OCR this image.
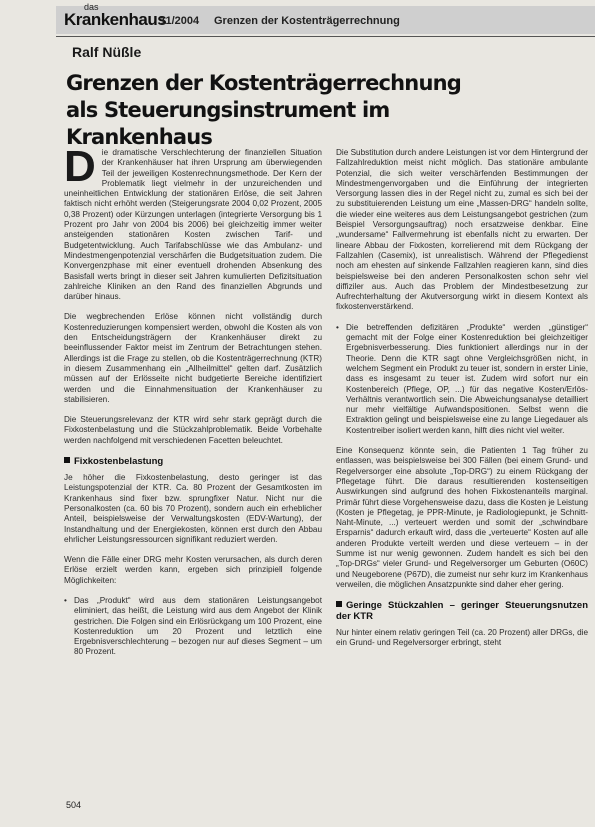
das
Krankenhaus
11/2004 Grenzen der Kostenträgerrechnung
Ralf Nüßle
Grenzen der Kostenträgerrechnung als Steuerungsinstrument im Krankenhaus

Die dramatische Verschlechterung der finanziellen Situation der Krankenhäuser hat ihren Ursprung am überwiegenden Teil der jeweiligen Kostenrechnungsmethode. Der Kern der Problematik liegt vielmehr in der unzureichenden und uneinheitlichen Entwicklung der stationären Erlöse, die seit Jahren faktisch nicht erhöht werden (Steigerungsrate 2004 0,02 Prozent, 2005 0,38 Prozent) oder Kürzungen unterlagen (integrierte Versorgung bis 1 Prozent pro Jahr von 2004 bis 2006) bei gleichzeitig immer weiter ansteigenden stationären Kosten zwischen Tarif- und Budgetentwicklung. Auch Tarifabschlüsse wie das Ambulanz- und Mindestmengenpotenzial verschärfen die Budgetsituation zudem. Die Konvergenzphase mit einer eventuell drohenden Absenkung des Basisfall werts bringt in dieser seit Jahren kumulierten Defizitsituation zahlreiche Kliniken an den Rand des finanziellen Abgrunds und darüber hinaus.

Die wegbrechenden Erlöse können nicht vollständig durch Kostenreduzierungen kompensiert werden, obwohl die Kosten als von den Entscheidungsträgern der Krankenhäuser direkt zu beeinflussender Faktor meist im Zentrum der Betrachtungen stehen. Allerdings ist die Frage zu stellen, ob die Kostenträgerrechnung (KTR) in diesem Zusammenhang ein „Allheilmittel“ gelten darf. Zusätzlich müssen auf der Erlösseite nicht budgetierte Bereiche identifiziert werden und die Einnahmensituation der Krankenhäuser zu stabilisieren.

Die Steuerungsrelevanz der KTR wird sehr stark geprägt durch die Fixkostenbelastung und die Stückzahlproblematik. Beide Vorbehalte werden nachfolgend mit verschiedenen Facetten beleuchtet.

Fixkostenbelastung

Je höher die Fixkostenbelastung, desto geringer ist das Leistungspotenzial der KTR. Ca. 80 Prozent der Gesamtkosten im Krankenhaus sind fixer bzw. sprungfixer Natur. Nicht nur die Personalkosten (ca. 60 bis 70 Prozent), sondern auch ein erheblicher Anteil, beispielsweise der Verwaltungskosten (EDV-Wartung), der Instandhaltung und der Energiekosten, können erst durch den Abbau ehrlicher Leistungsressourcen signifikant reduziert werden.

Wenn die Fälle einer DRG mehr Kosten verursachen, als durch deren Erlöse erzielt werden kann, ergeben sich prinzipiell folgende Möglichkeiten:

• Das „Produkt“ wird aus dem stationären Leistungsangebot eliminiert, das heißt, die Leistung wird aus dem Angebot der Klinik gestrichen. Die Folgen sind ein Erlösrückgang um 100 Prozent, eine Kostenreduktion um 20 Prozent und letztlich eine Ergebnisverschlechterung – bezogen nur auf dieses Segment – um 80 Prozent.

Die Substitution durch andere Leistungen ist vor dem Hintergrund der Fallzahlreduktion meist nicht möglich. Das stationäre ambulante Potenzial, die sich weiter verschärfenden Bestimmungen der Mindestmengenvorgaben und die Einführung der integrierten Versorgung lassen dies in der Regel nicht zu, zumal es sich bei der zu substituierenden Leistung um eine „Massen-DRG“ handeln sollte, die wieder eine weiteres aus dem Leistungsangebot gestrichen (zum Beispiel Versorgungsauftrag) noch ersatzweise denkbar. Eine „wundersame“ Fallvermehrung ist ebenfalls nicht zu erwarten. Der lineare Abbau der Fixkosten, korrelierend mit dem Rückgang der Fallzahlen (Casemix), ist unrealistisch. Während der Pflegedienst noch am ehesten auf sinkende Fallzahlen reagieren kann, sind dies beispielsweise bei den anderen Personalkosten schon sehr viel diffiziler aus. Auch das Problem der Mindestbesetzung zur Aufrechterhaltung der Akutversorgung wirkt in diesem Kontext als fixkostenverstärkend.

• Die betreffenden defizitären „Produkte“ werden „günstiger“ gemacht mit der Folge einer Kostenreduktion bei gleichzeitiger Ergebnisverbesserung. Dies funktioniert allerdings nur in der Theorie. Denn die KTR sagt ohne Vergleichsgrößen nicht, in welchem Segment ein Produkt zu teuer ist, sondern in erster Linie, dass es insgesamt zu teuer ist. Zudem wird sofort nur ein Kostenbereich (Pflege, OP, ...) für das negative Kosten/Erlös-Verhältnis verantwortlich sein. Die Abweichungsanalyse detailliert nur mehr vielfältige Aufwandspositionen. Selbst wenn die Extraktion gelingt und beispielsweise eine zu lange Liegedauer als Kostentreiber isoliert werden kann, hilft dies nicht viel weiter.

Eine Konsequenz könnte sein, die Patienten 1 Tag früher zu entlassen, was beispielsweise bei 300 Fällen (bei einem Grund- und Regelversorger eine absolute „Top-DRG“) zu einem Rückgang der Pflegetage führt. Die daraus resultierenden kostenseitigen Auswirkungen sind aufgrund des hohen Fixkostenanteils marginal. Primär führt diese Vorgehensweise dazu, dass die Kosten je Leistung (Kosten je Pflegetag, je PPR-Minute, je Radiologiepunkt, je Schnitt-Naht-Minute, ...) verteuert werden und somit der „schwindbare Ersparnis“ dadurch erkauft wird, dass die „verteuerte“ Kosten auf alle anderen Produkte verteilt werden und diese verteuern – in der Summe ist nur wenig gewonnen. Zudem handelt es sich bei den „Top-DRGs“ vieler Grund- und Regelversorger um Geburten (O60C) und Neugeborene (P67D), die zumeist nur sehr kurz im Krankenhaus verweilen, die möglichen Ansatzpunkte sind daher eher gering.

Geringe Stückzahlen – geringer Steuerungsnutzen der KTR

Nur hinter einem relativ geringen Teil (ca. 20 Prozent) aller DRGs, die ein Grund- und Regelversorger erbringt, steht

504
